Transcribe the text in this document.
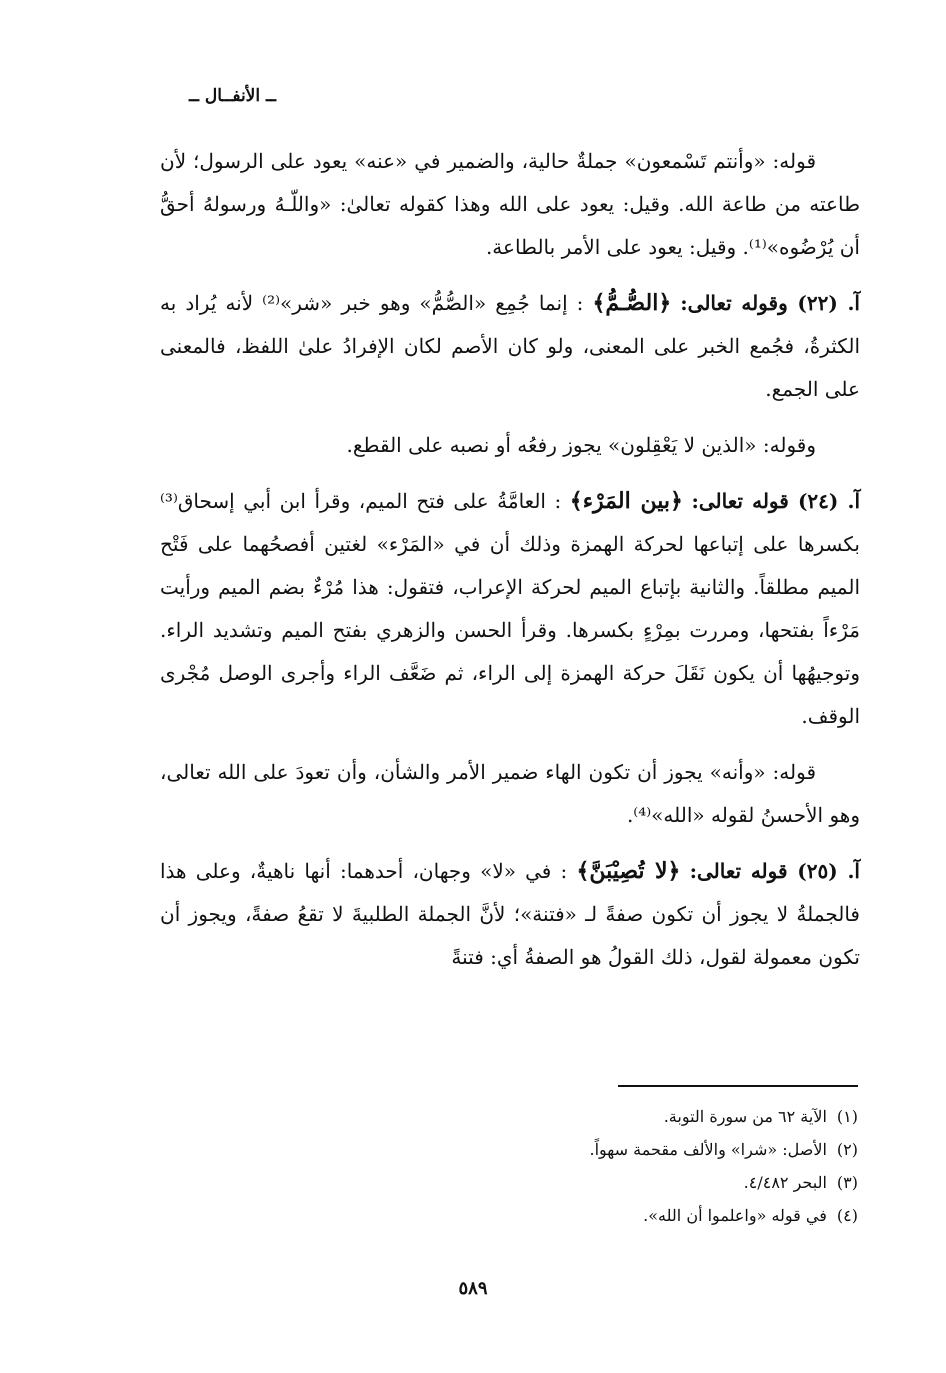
ــ الأنفــال ــ

قوله: «وأنتم تَسْمعون» جملةٌ حالية، والضمير في «عنه» يعود على الرسول؛ لأن طاعته من طاعة الله. وقيل: يعود على الله وهذا كقوله تعالىٰ: «واللّـهُ ورسولهُ أحقُّ أن يُرْضُوه»⁽¹⁾. وقيل: يعود على الأمر بالطاعة.

آ. (٢٢) وقوله تعالى: ﴿الصُّـمُّ﴾ : إنما جُمِع «الصُّمُّ» وهو خبر «شر»⁽²⁾ لأنه يُراد به الكثرةُ، فجُمع الخبر على المعنى، ولو كان الأصم لكان الإفرادُ علىٰ اللفظ، فالمعنى على الجمع.

وقوله: «الذين لا يَعْقِلون» يجوز رفعُه أو نصبه على القطع.

آ. (٢٤) قوله تعالى: ﴿بين المَرْء﴾ : العامَّةُ على فتح الميم، وقرأ ابن أبي إسحاق⁽³⁾ بكسرها على إتباعها لحركة الهمزة وذلك أن في «المَرْء» لغتين أفصحُهما على فَتْح الميم مطلقاً. والثانية بإتباع الميم لحركة الإعراب، فتقول: هذا مُرْءٌ بضم الميم ورأيت مَرْءاً بفتحها، ومررت بمِرْءٍ بكسرها. وقرأ الحسن والزهري بفتح الميم وتشديد الراء. وتوجيهُها أن يكون نَقَلَ حركة الهمزة إلى الراء، ثم ضَعَّف الراء وأجرى الوصل مُجْرى الوقف.

قوله: «وأنه» يجوز أن تكون الهاء ضمير الأمر والشأن، وأن تعودَ على الله تعالى، وهو الأحسنُ لقوله «الله»⁽⁴⁾.

آ. (٢٥) قوله تعالى: ﴿لا تُصِيْبَنَّ﴾ : في «لا» وجهان، أحدهما: أنها ناهيةٌ، وعلى هذا فالجملةُ لا يجوز أن تكون صفةً لـ «فتنة»؛ لأنَّ الجملة الطلبيةَ لا تقعُ صفةً، ويجوز أن تكون معمولة لقول، ذلك القولُ هو الصفةُ أي: فتنةً

(١)الآية ٦٢ من سورة التوبة.
(٢)الأصل: «شرا» والألف مقحمة سهواً.
(٣)البحر ٤/٤٨٢.
(٤)في قوله «واعلموا أن الله».
٥٨٩
